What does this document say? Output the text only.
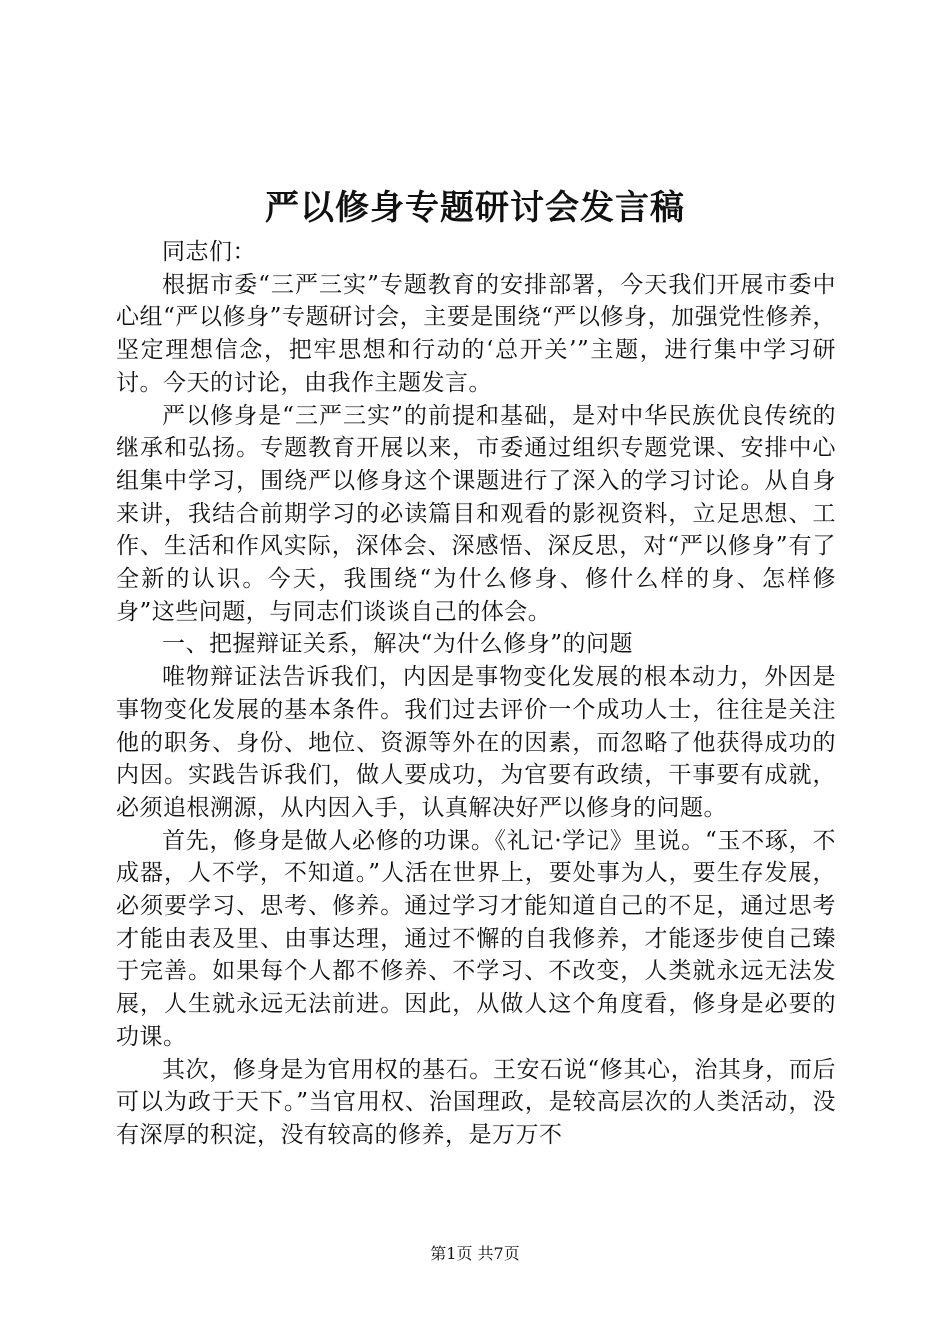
严以修身专题研讨会发言稿

同志们：

根据市委“三严三实”专题教育的安排部署，今天我们开展市委中心组“严以修身”专题研讨会，主要是围绕“严以修身，加强党性修养，坚定理想信念，把牢思想和行动的‘总开关’”主题，进行集中学习研讨。今天的讨论，由我作主题发言。

严以修身是“三严三实”的前提和基础，是对中华民族优良传统的继承和弘扬。专题教育开展以来，市委通过组织专题党课、安排中心组集中学习，围绕严以修身这个课题进行了深入的学习讨论。从自身来讲，我结合前期学习的必读篇目和观看的影视资料，立足思想、工作、生活和作风实际，深体会、深感悟、深反思，对“严以修身”有了全新的认识。今天，我围绕“为什么修身、修什么样的身、怎样修身”这些问题，与同志们谈谈自己的体会。

一、把握辩证关系，解决“为什么修身”的问题

唯物辩证法告诉我们，内因是事物变化发展的根本动力，外因是事物变化发展的基本条件。我们过去评价一个成功人士，往往是关注他的职务、身份、地位、资源等外在的因素，而忽略了他获得成功的内因。实践告诉我们，做人要成功，为官要有政绩，干事要有成就，必须追根溯源，从内因入手，认真解决好严以修身的问题。

首先，修身是做人必修的功课。《礼记·学记》里说。“玉不琢，不成器，人不学，不知道。”人活在世界上，要处事为人，要生存发展，必须要学习、思考、修养。通过学习才能知道自己的不足，通过思考才能由表及里、由事达理，通过不懈的自我修养，才能逐步使自己臻于完善。如果每个人都不修养、不学习、不改变，人类就永远无法发展，人生就永远无法前进。因此，从做人这个角度看，修身是必要的功课。

其次，修身是为官用权的基石。王安石说“修其心，治其身，而后可以为政于天下。”当官用权、治国理政，是较高层次的人类活动，没有深厚的积淀，没有较高的修养，是万万不

第1页 共7页
